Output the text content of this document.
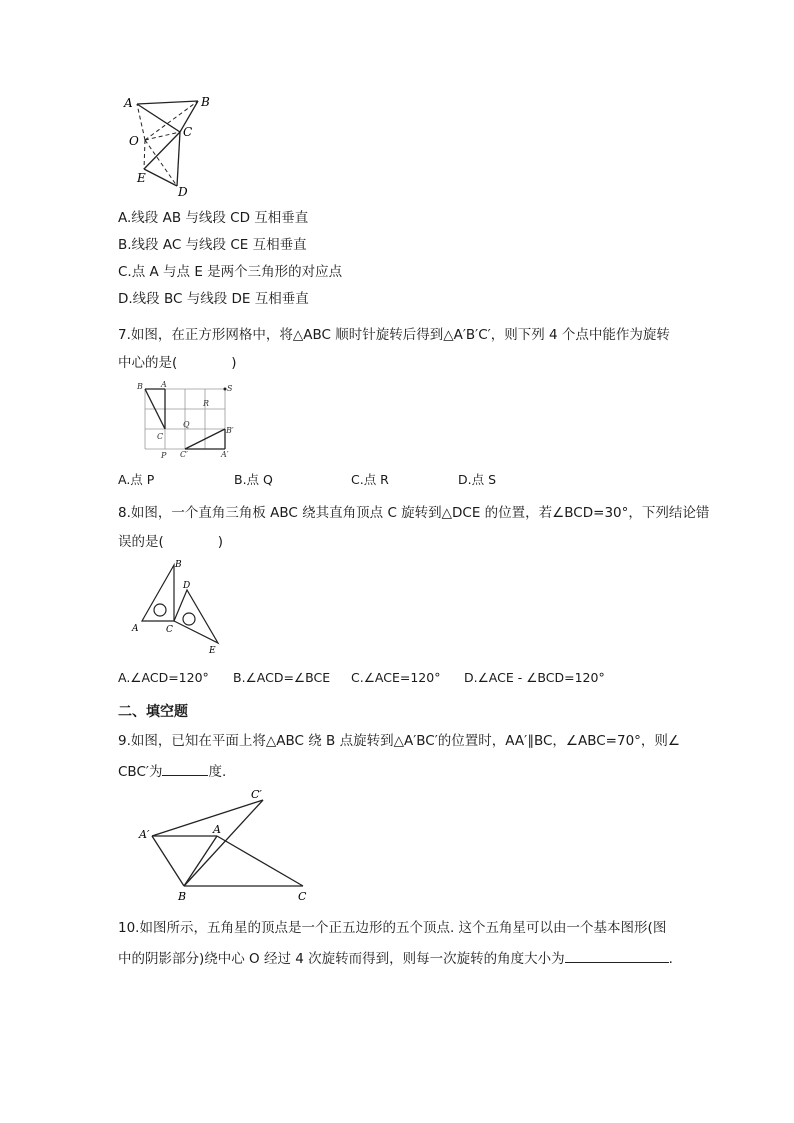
A	B
O
C
E
D
A.线段 AB 与线段 CD 互相垂直
B.线段 AC 与线段 CE 互相垂直
C.点 A 与点 E 是两个三角形的对应点
D.线段 BC 与线段 DE 互相垂直
7.如图，在正方形网格中，将△ABC 顺时针旋转后得到△A′B′C′，则下列 4 个点中能作为旋转
中心的是(	)
B A	S
R
Q
C
B′
P C′	A′
A.点 P	B.点 Q	C.点 R	D.点 S
8.如图，一个直角三角板 ABC 绕其直角顶点 C 旋转到△DCE 的位置，若∠BCD=30°，下列结论错
误的是(	)
B
D
A	C
E
A.∠ACD=120° B.∠ACD=∠BCE C.∠ACE=120° D.∠ACE - ∠BCD=120°
二、填空题
9.如图，已知在平面上将△ABC 绕 B 点旋转到△A′BC′的位置时，AA′∥BC，∠ABC=70°，则∠
CBC′为	度.
C′
A′	A
B	C
10.如图所示，五角星的顶点是一个正五边形的五个顶点. 这个五角星可以由一个基本图形(图
中的阴影部分)绕中心 O 经过 4 次旋转而得到，则每一次旋转的角度大小为	.
